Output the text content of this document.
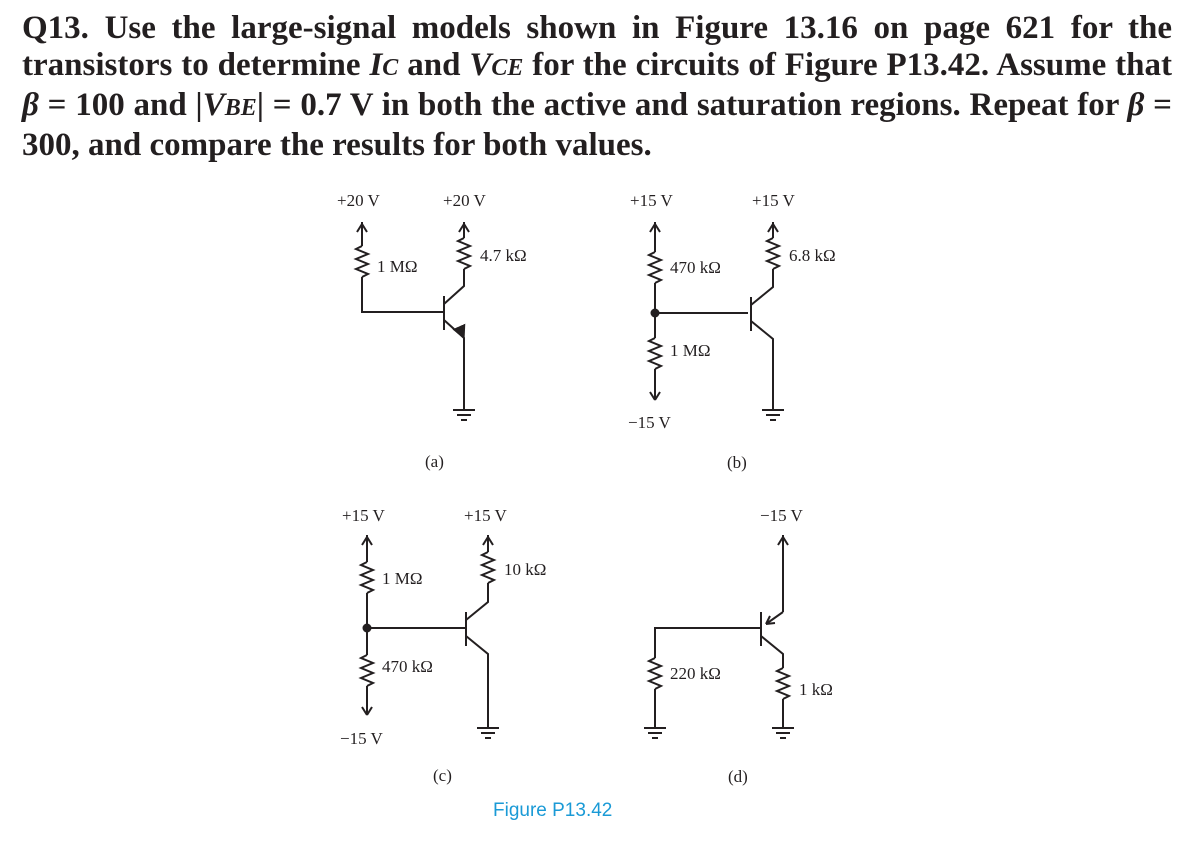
Q13. Use the large-signal models shown in Figure 13.16 on page 621 for the transistors to determine IC and VCE for the circuits of Figure P13.42. Assume that β = 100 and |VBE| = 0.7 V in both the active and saturation regions. Repeat for β = 300, and compare the results for both values.
+20 V	+20 V
1 MΩ
4.7 kΩ
(a)
+15 V	+15 V
470 kΩ
1 MΩ
−15 V
6.8 kΩ
(b)
+15 V	+15 V
1 MΩ
470 kΩ
−15 V
10 kΩ
(c)
−15 V
1 kΩ
220 kΩ
(d)
Figure P13.42
